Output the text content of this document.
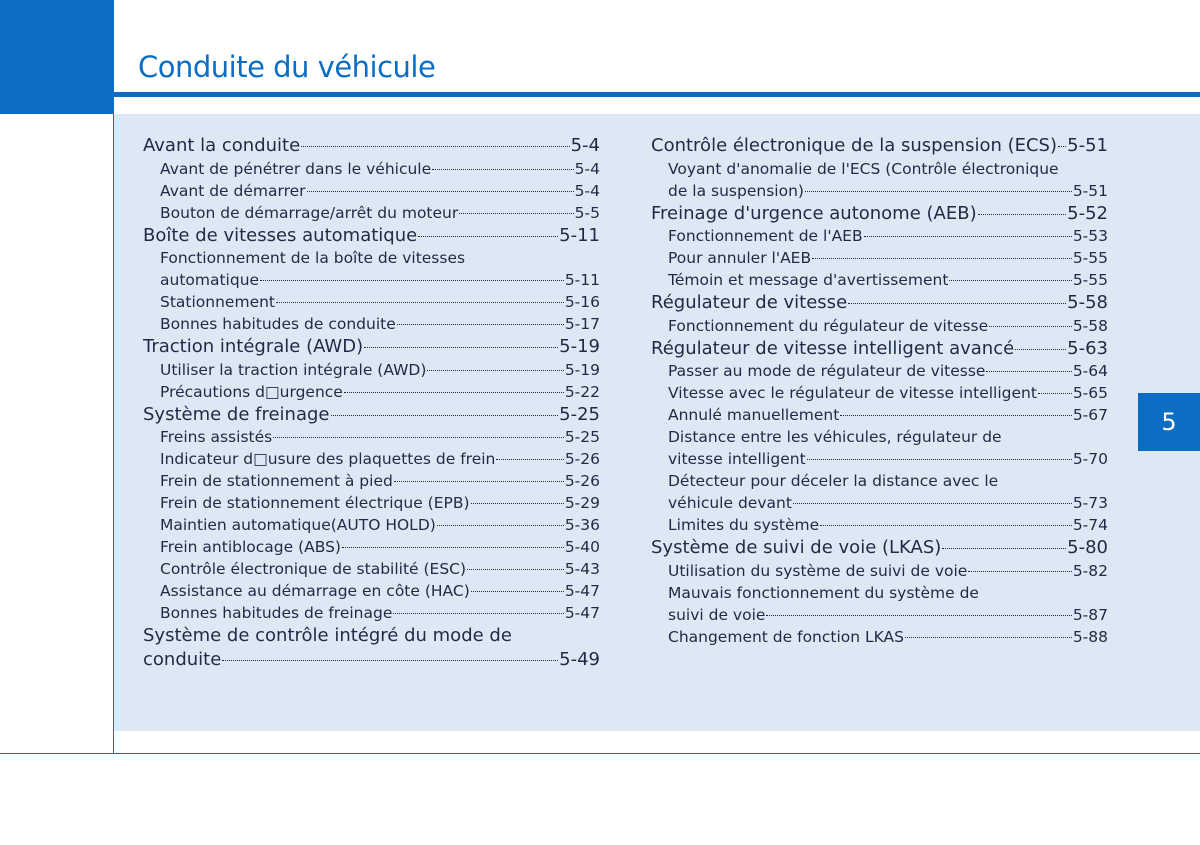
Conduite du véhicule
5
Avant la conduite	5-4
Avant de pénétrer dans le véhicule	5-4
Avant de démarrer	5-4
Bouton de démarrage/arrêt du moteur	5-5
Boîte de vitesses automatique	5-11
Fonctionnement de la boîte de vitesses
automatique	5-11
Stationnement	5-16
Bonnes habitudes de conduite	5-17
Traction intégrale (AWD)	5-19
Utiliser la traction intégrale (AWD)	5-19
Précautions d□urgence	5-22
Système de freinage	5-25
Freins assistés	5-25
Indicateur d□usure des plaquettes de frein	5-26
Frein de stationnement à pied	5-26
Frein de stationnement électrique (EPB)	5-29
Maintien automatique(AUTO HOLD)	5-36
Frein antiblocage (ABS)	5-40
Contrôle électronique de stabilité (ESC)	5-43
Assistance au démarrage en côte (HAC)	5-47
Bonnes habitudes de freinage	5-47
Système de contrôle intégré du mode de
conduite	5-49
Contrôle électronique de la suspension (ECS) 5-51
Voyant d'anomalie de l'ECS (Contrôle électronique
de la suspension)	5-51
Freinage d'urgence autonome (AEB)	5-52
Fonctionnement de l'AEB	5-53
Pour annuler l'AEB	5-55
Témoin et message d'avertissement	5-55
Régulateur de vitesse	5-58
Fonctionnement du régulateur de vitesse	5-58
Régulateur de vitesse intelligent avancé	5-63
Passer au mode de régulateur de vitesse	5-64
Vitesse avec le régulateur de vitesse intelligent 5-65
Annulé manuellement	5-67
Distance entre les véhicules, régulateur de
vitesse intelligent	5-70
Détecteur pour déceler la distance avec le
véhicule devant	5-73
Limites du système	5-74
Système de suivi de voie (LKAS)	5-80
Utilisation du système de suivi de voie	5-82
Mauvais fonctionnement du système de
suivi de voie	5-87
Changement de fonction LKAS	5-88
